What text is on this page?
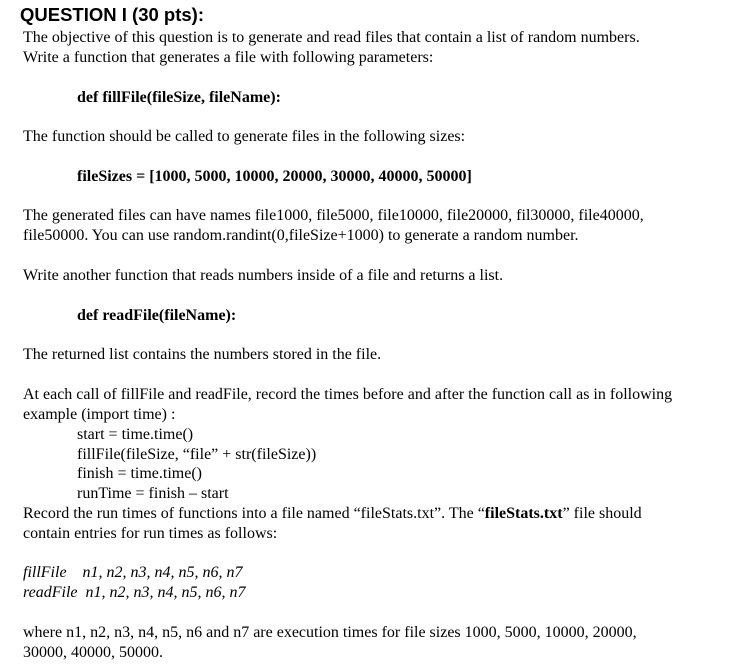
QUESTION I (30 pts):
The objective of this question is to generate and read files that contain a list of random numbers.
Write a function that generates a file with following parameters:
def fillFile(fileSize, fileName):
The function should be called to generate files in the following sizes:
fileSizes = [1000, 5000, 10000, 20000, 30000, 40000, 50000]
The generated files can have names file1000, file5000, file10000, file20000, fil30000, file40000,
file50000. You can use random.randint(0,fileSize+1000) to generate a random number.
Write another function that reads numbers inside of a file and returns a list.
def readFile(fileName):
The returned list contains the numbers stored in the file.
At each call of fillFile and readFile, record the times before and after the function call as in following
example (import time) :
start = time.time()
fillFile(fileSize, “file” + str(fileSize))
finish = time.time()
runTime = finish – start
Record the run times of functions into a file named “fileStats.txt”. The “fileStats.txt” file should
contain entries for run times as follows:
fillFile    n1, n2, n3, n4, n5, n6, n7
readFile  n1, n2, n3, n4, n5, n6, n7
where n1, n2, n3, n4, n5, n6 and n7 are execution times for file sizes 1000, 5000, 10000, 20000,
30000, 40000, 50000.
